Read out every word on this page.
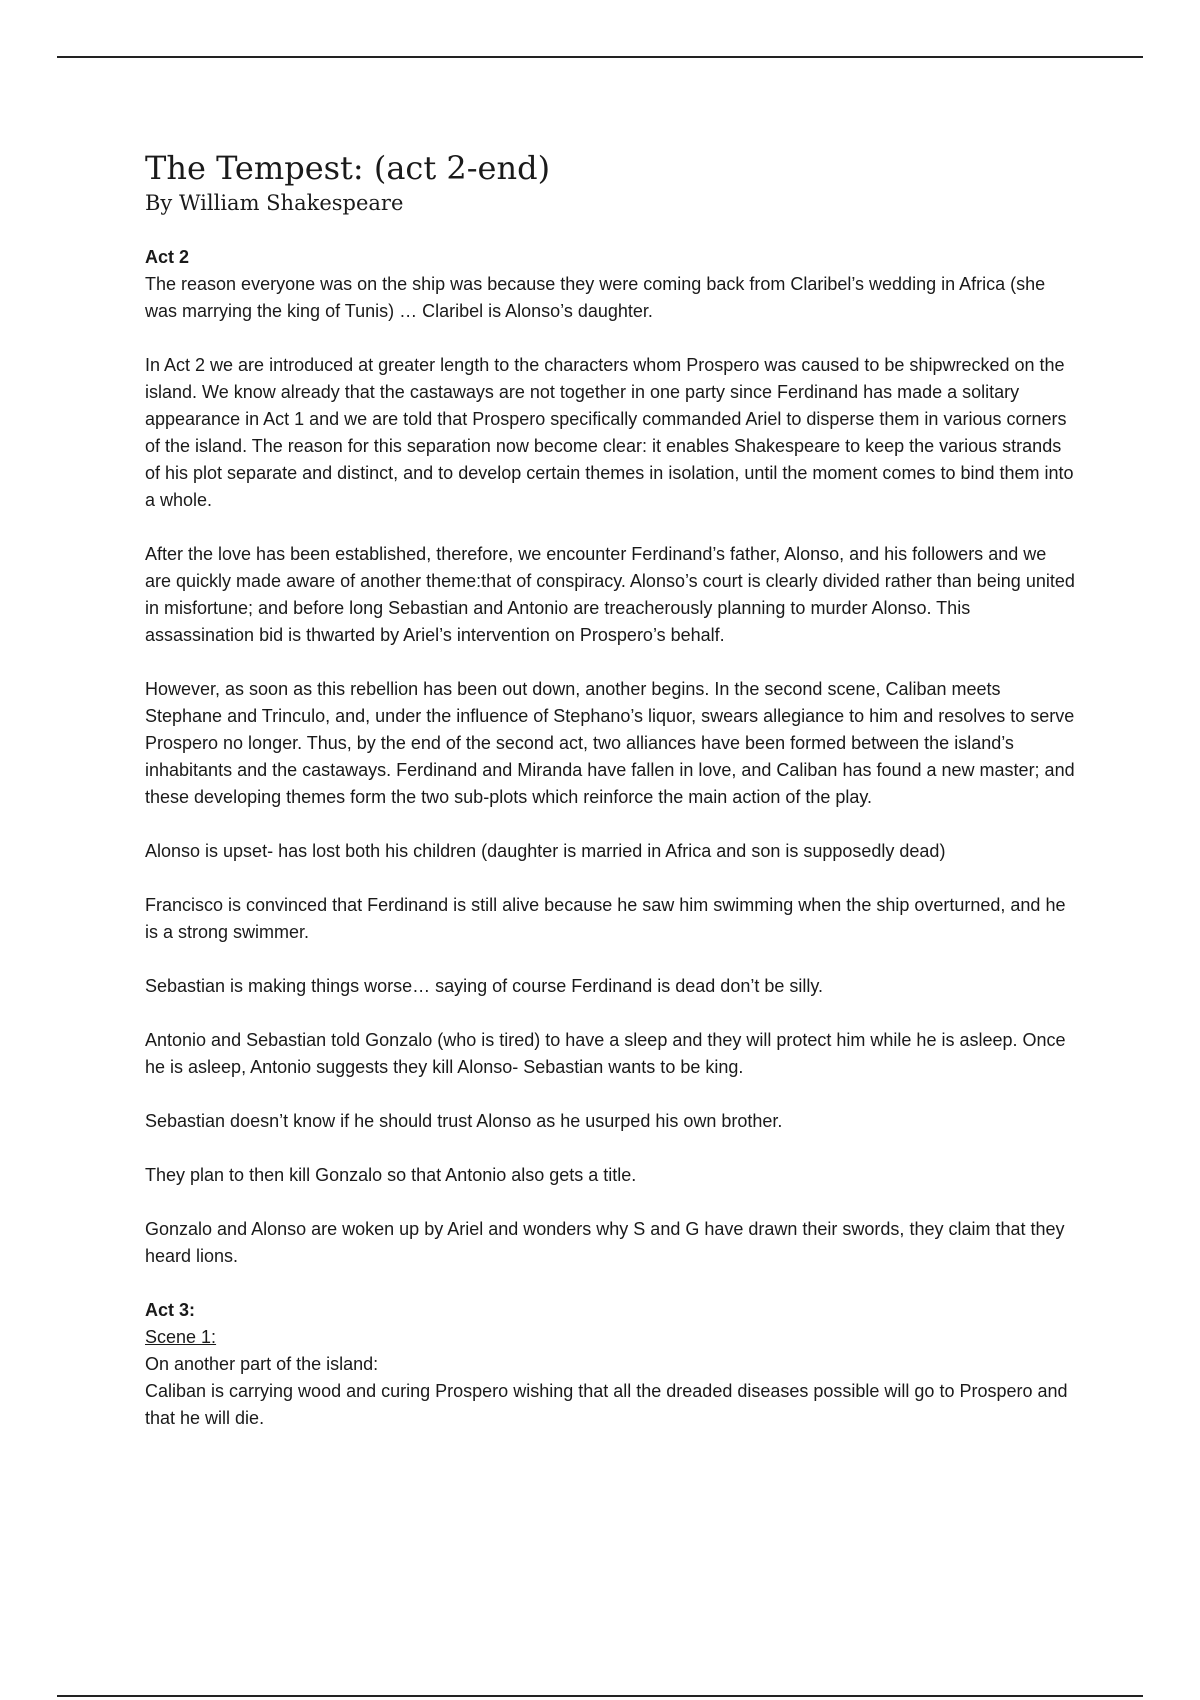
The Tempest: (act 2-end)
By William Shakespeare
Act 2

The reason everyone was on the ship was because they were coming back from Claribel’s wedding in Africa (she was marrying the king of Tunis) … Claribel is Alonso’s daughter.

In Act 2 we are introduced at greater length to the characters whom Prospero was caused to be shipwrecked on the island. We know already that the castaways are not together in one party since Ferdinand has made a solitary appearance in Act 1 and we are told that Prospero specifically commanded Ariel to disperse them in various corners of the island. The reason for this separation now become clear: it enables Shakespeare to keep the various strands of his plot separate and distinct, and to develop certain themes in isolation, until the moment comes to bind them into a whole.

After the love has been established, therefore, we encounter Ferdinand’s father, Alonso, and his followers and we are quickly made aware of another theme:that of conspiracy. Alonso’s court is clearly divided rather than being united in misfortune; and before long Sebastian and Antonio are treacherously planning to murder Alonso. This assassination bid is thwarted by Ariel’s intervention on Prospero’s behalf.

However, as soon as this rebellion has been out down, another begins. In the second scene, Caliban meets Stephane and Trinculo, and, under the influence of Stephano’s liquor, swears allegiance to him and resolves to serve Prospero no longer. Thus, by the end of the second act, two alliances have been formed between the island’s inhabitants and the castaways. Ferdinand and Miranda have fallen in love, and Caliban has found a new master; and these developing themes form the two sub-plots which reinforce the main action of the play.

Alonso is upset- has lost both his children (daughter is married in Africa and son is supposedly dead)

Francisco is convinced that Ferdinand is still alive because he saw him swimming when the ship overturned, and he is a strong swimmer.

Sebastian is making things worse… saying of course Ferdinand is dead don’t be silly.

Antonio and Sebastian told Gonzalo (who is tired) to have a sleep and they will protect him while he is asleep. Once he is asleep, Antonio suggests they kill Alonso- Sebastian wants to be king.

Sebastian doesn’t know if he should trust Alonso as he usurped his own brother.

They plan to then kill Gonzalo so that Antonio also gets a title.

Gonzalo and Alonso are woken up by Ariel and wonders why S and G have drawn their swords, they claim that they heard lions.

Act 3:
Scene 1:
On another part of the island:
Caliban is carrying wood and curing Prospero wishing that all the dreaded diseases possible will go to Prospero and that he will die.
